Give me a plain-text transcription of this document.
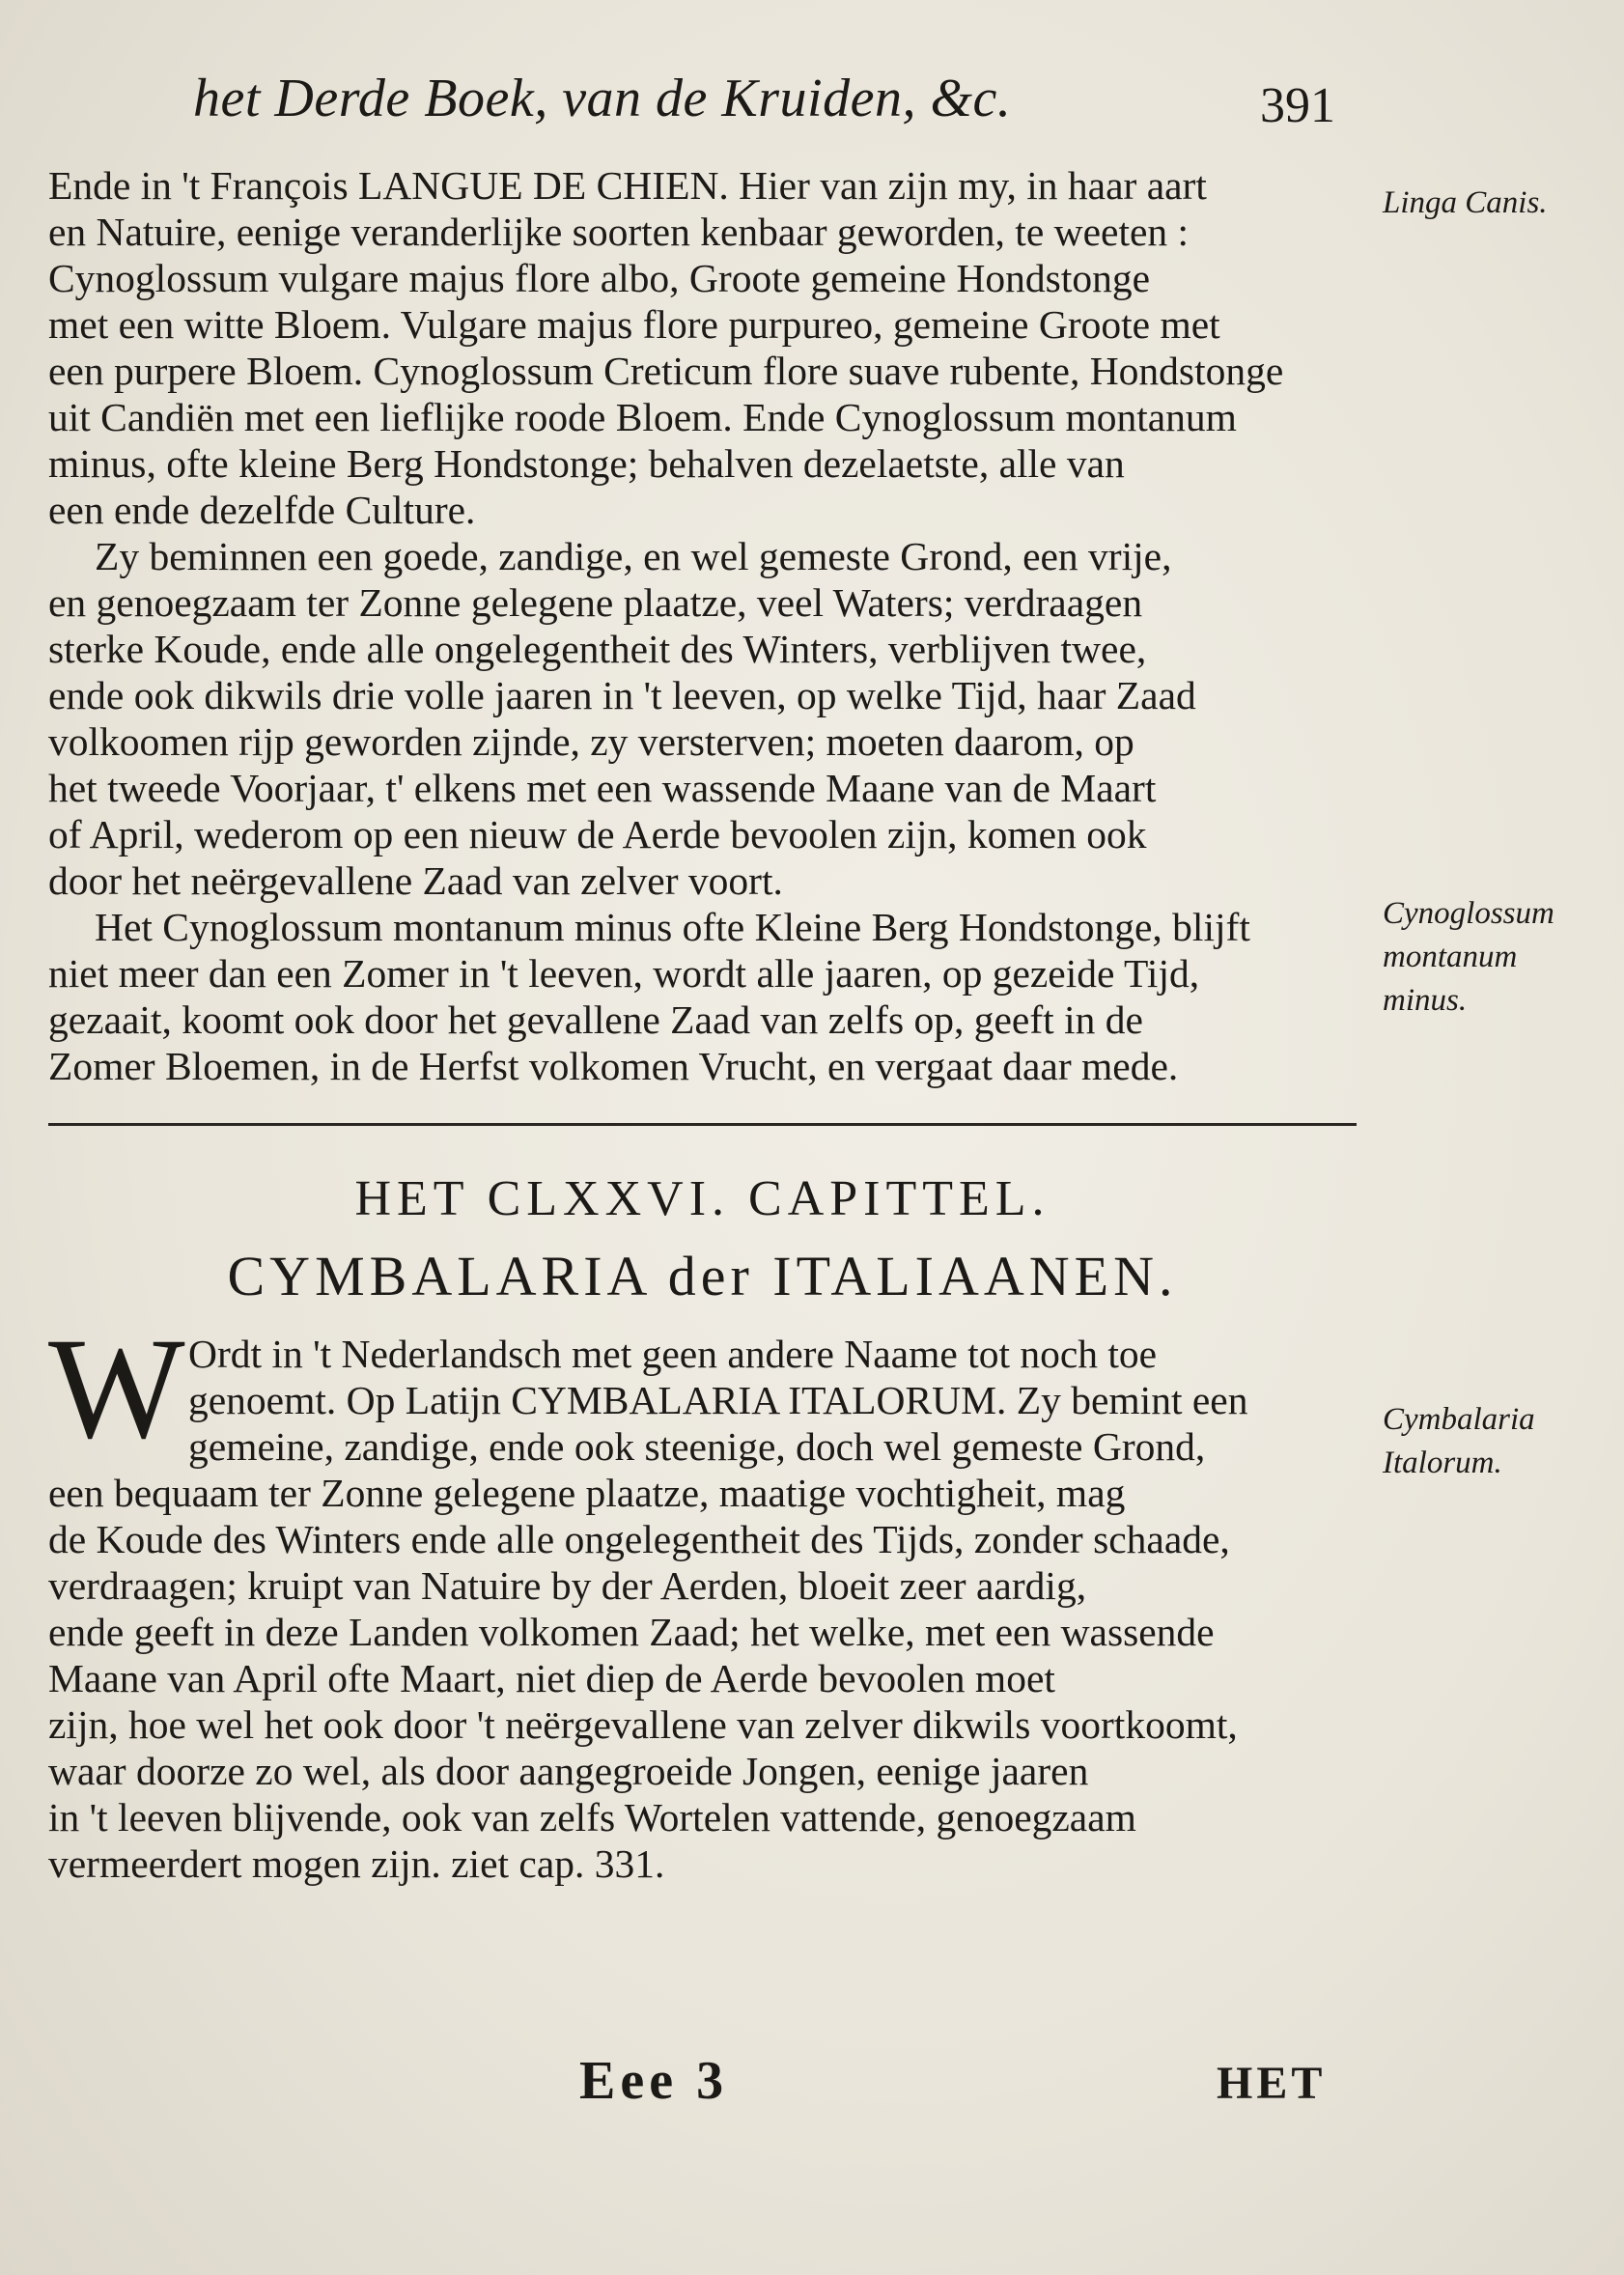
het Derde Boek, van de Kruiden, &c.	391

Ende in 't François LANGUE DE CHIEN. Hier van zijn my, in haar aart

en Natuire, eenige veranderlijke soorten kenbaar geworden, te weeten :

Cynoglossum vulgare majus flore albo, Groote gemeine Hondstonge

met een witte Bloem. Vulgare majus flore purpureo, gemeine Groote met

een purpere Bloem. Cynoglossum Creticum flore suave rubente, Hondstonge

uit Candiën met een lieflijke roode Bloem. Ende Cynoglossum montanum

minus, ofte kleine Berg Hondstonge; behalven dezelaetste, alle van

een ende dezelfde Culture.

Zy beminnen een goede, zandige, en wel gemeste Grond, een vrije,

en genoegzaam ter Zonne gelegene plaatze, veel Waters; verdraagen

sterke Koude, ende alle ongelegentheit des Winters, verblijven twee,

ende ook dikwils drie volle jaaren in 't leeven, op welke Tijd, haar Zaad

volkoomen rijp geworden zijnde, zy versterven; moeten daarom, op

het tweede Voorjaar, t' elkens met een wassende Maane van de Maart

of April, wederom op een nieuw de Aerde bevoolen zijn, komen ook

door het neërgevallene Zaad van zelver voort.

Het Cynoglossum montanum minus ofte Kleine Berg Hondstonge, blijft

niet meer dan een Zomer in 't leeven, wordt alle jaaren, op gezeide Tijd,

gezaait, koomt ook door het gevallene Zaad van zelfs op, geeft in de

Zomer Bloemen, in de Herfst volkomen Vrucht, en vergaat daar mede.

Linga Canis.
Cynoglossum montanum minus.
Cymbalaria Italorum.
HET CLXXVI. CAPITTEL.
CYMBALARIA der ITALIAANEN.
W Ordt in 't Nederlandsch met geen andere Naame tot noch toe
genoemt. Op Latijn CYMBALARIA ITALORUM. Zy bemint een
gemeine, zandige, ende ook steenige, doch wel gemeste Grond,
een bequaam ter Zonne gelegene plaatze, maatige vochtigheit, mag
de Koude des Winters ende alle ongelegentheit des Tijds, zonder schaade,
verdraagen; kruipt van Natuire by der Aerden, bloeit zeer aardig,
ende geeft in deze Landen volkomen Zaad; het welke, met een wassende
Maane van April ofte Maart, niet diep de Aerde bevoolen moet
zijn, hoe wel het ook door 't neërgevallene van zelver dikwils voortkoomt,
waar doorze zo wel, als door aangegroeide Jongen, eenige jaaren
in 't leeven blijvende, ook van zelfs Wortelen vattende, genoegzaam
vermeerdert mogen zijn. ziet cap. 331.
Eee 3	HET
